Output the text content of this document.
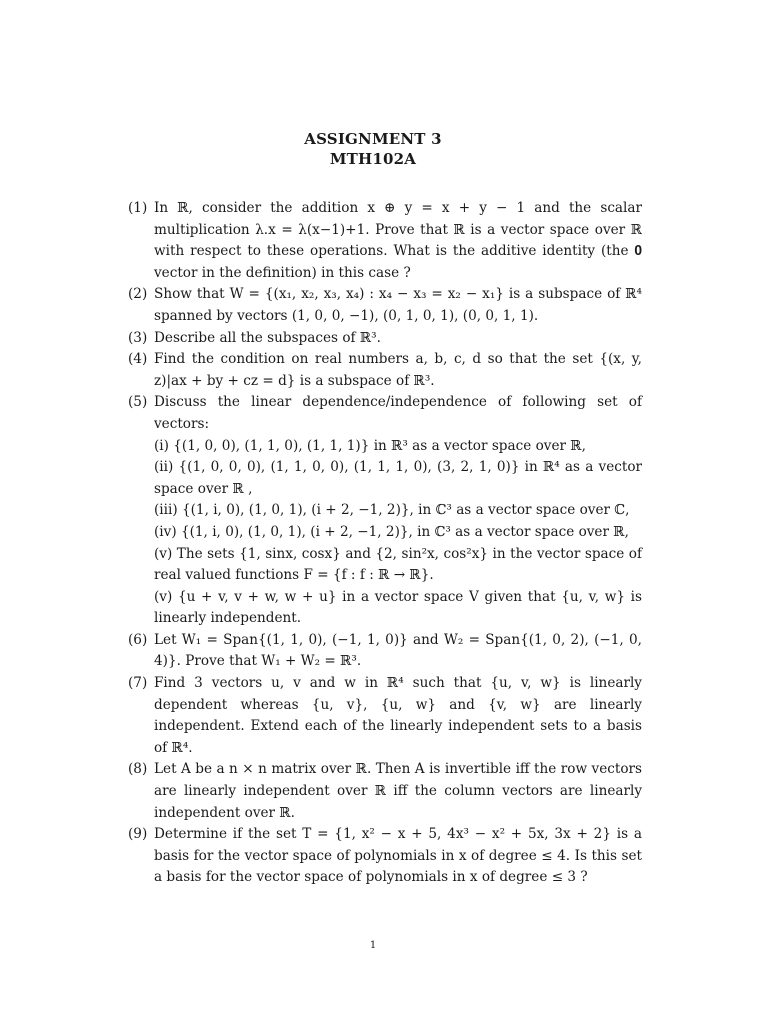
ASSIGNMENT 3
MTH102A
(1) In ℝ, consider the addition x ⊕ y = x + y − 1 and the scalar multiplication λ.x = λ(x−1)+1. Prove that ℝ is a vector space over ℝ with respect to these operations. What is the additive identity (the 𝟎 vector in the definition) in this case ?
(2) Show that W = {(x₁, x₂, x₃, x₄) : x₄ − x₃ = x₂ − x₁} is a subspace of ℝ⁴ spanned by vectors (1, 0, 0, −1), (0, 1, 0, 1), (0, 0, 1, 1).
(3) Describe all the subspaces of ℝ³.
(4) Find the condition on real numbers a, b, c, d so that the set {(x, y, z)|ax + by + cz = d} is a subspace of ℝ³.
(5) Discuss the linear dependence/independence of following set of vectors:
(i) {(1, 0, 0), (1, 1, 0), (1, 1, 1)} in ℝ³ as a vector space over ℝ,
(ii) {(1, 0, 0, 0), (1, 1, 0, 0), (1, 1, 1, 0), (3, 2, 1, 0)} in ℝ⁴ as a vector space over ℝ ,
(iii) {(1, i, 0), (1, 0, 1), (i + 2, −1, 2)}, in ℂ³ as a vector space over ℂ,
(iv) {(1, i, 0), (1, 0, 1), (i + 2, −1, 2)}, in ℂ³ as a vector space over ℝ,
(v) The sets {1, sinx, cosx} and {2, sin²x, cos²x} in the vector space of real valued functions F = {f : f : ℝ → ℝ}.
(v) {u + v, v + w, w + u} in a vector space V given that {u, v, w} is linearly independent.
(6) Let W₁ = Span{(1, 1, 0), (−1, 1, 0)} and W₂ = Span{(1, 0, 2), (−1, 0, 4)}. Prove that W₁ + W₂ = ℝ³.
(7) Find 3 vectors u, v and w in ℝ⁴ such that {u, v, w} is linearly dependent whereas {u, v}, {u, w} and {v, w} are linearly independent. Extend each of the linearly independent sets to a basis of ℝ⁴.
(8) Let A be a n × n matrix over ℝ. Then A is invertible iff the row vectors are linearly independent over ℝ iff the column vectors are linearly independent over ℝ.
(9) Determine if the set T = {1, x² − x + 5, 4x³ − x² + 5x, 3x + 2} is a basis for the vector space of polynomials in x of degree ≤ 4. Is this set a basis for the vector space of polynomials in x of degree ≤ 3 ?
1
